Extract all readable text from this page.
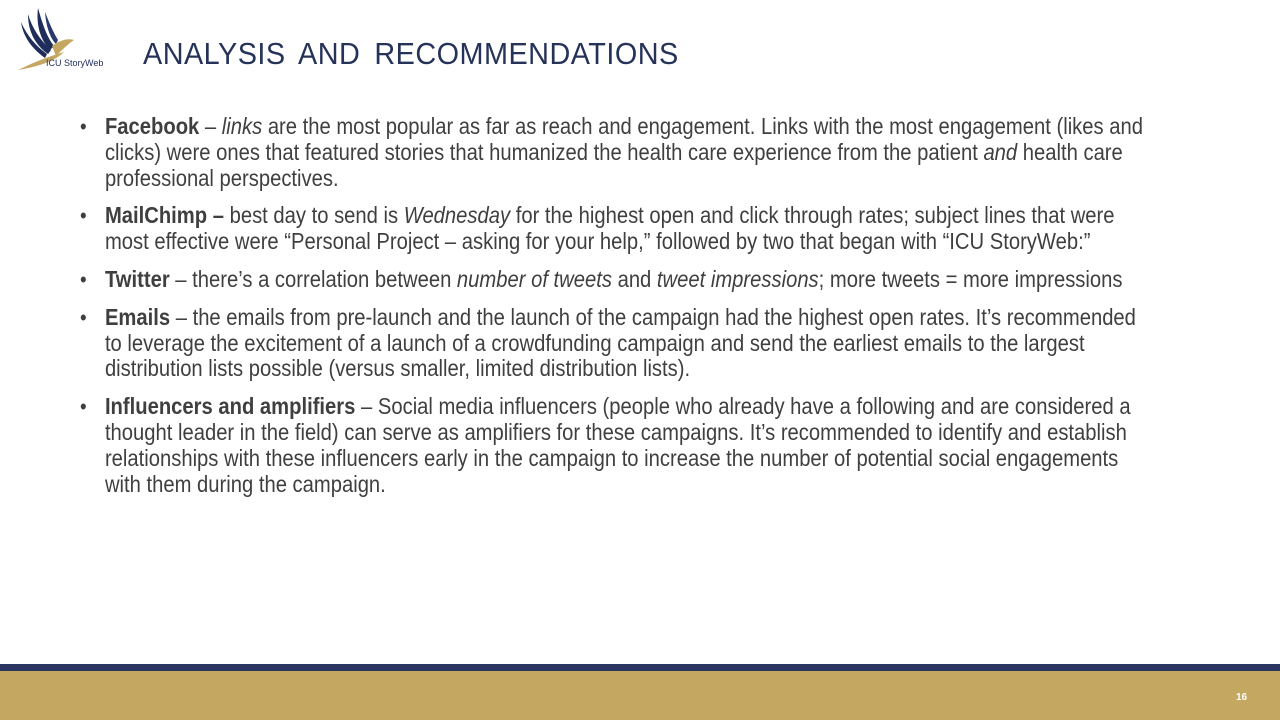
ICU StoryWeb ANALYSIS AND RECOMMENDATIONS
• Facebook – links are the most popular as far as reach and engagement. Links with the most engagement (likes and clicks) were ones that featured stories that humanized the health care experience from the patient and health care professional perspectives.
• MailChimp – best day to send is Wednesday for the highest open and click through rates; subject lines that were most effective were “Personal Project – asking for your help,” followed by two that began with “ICU StoryWeb:”
• Twitter – there’s a correlation between number of tweets and tweet impressions; more tweets = more impressions
• Emails – the emails from pre-launch and the launch of the campaign had the highest open rates. It’s recommended to leverage the excitement of a launch of a crowdfunding campaign and send the earliest emails to the largest distribution lists possible (versus smaller, limited distribution lists).
• Influencers and amplifiers – Social media influencers (people who already have a following and are considered a thought leader in the field) can serve as amplifiers for these campaigns. It’s recommended to identify and establish relationships with these influencers early in the campaign to increase the number of potential social engagements with them during the campaign.
16
